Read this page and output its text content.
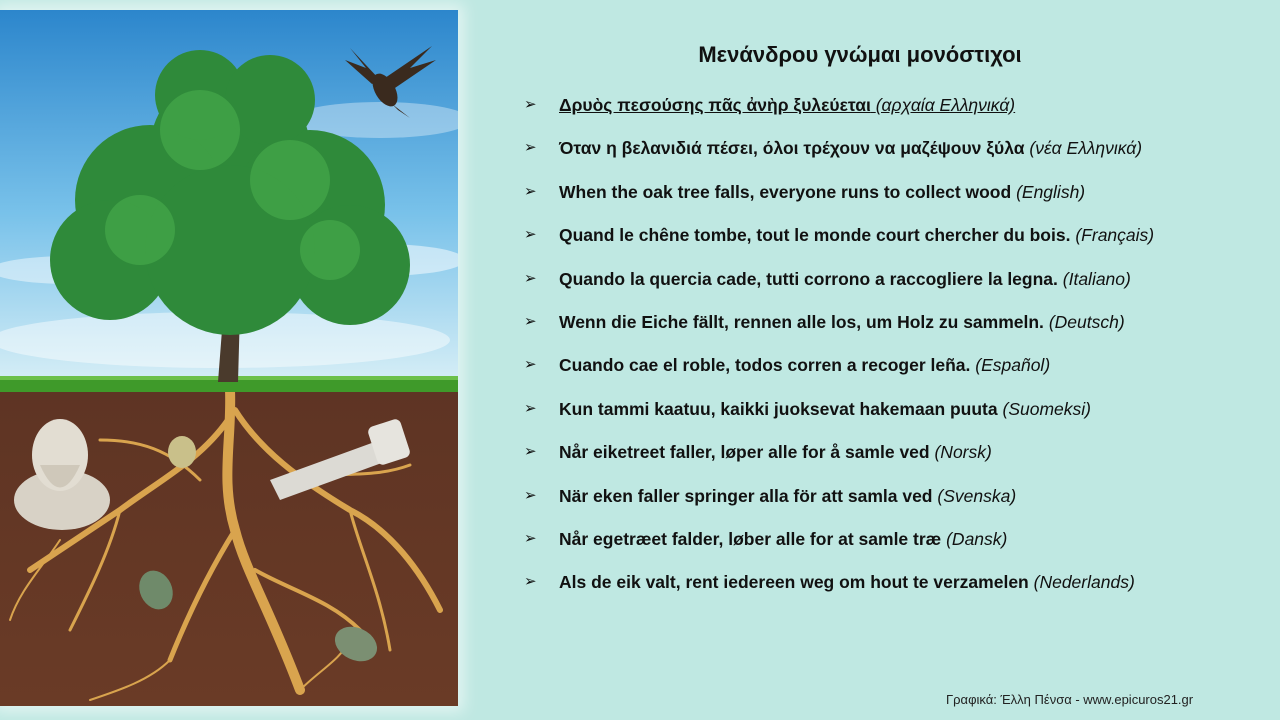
Μενάνδρου γνώμαι μονόστιχοι
➢	Δρυὸς πεσούσης πᾶς ἀνὴρ ξυλεύεται (αρχαία Ελληνικά)
➢	Όταν η βελανιδιά πέσει, όλοι τρέχουν να μαζέψουν ξύλα (νέα Ελληνικά)
➢	When the oak tree falls, everyone runs to collect wood (English)
➢	Quand le chêne tombe, tout le monde court chercher du bois. (Français)
➢	Quando la quercia cade, tutti corrono a raccogliere la legna. (Italiano)
➢	Wenn die Eiche fällt, rennen alle los, um Holz zu sammeln. (Deutsch)
➢	Cuando cae el roble, todos corren a recoger leña. (Español)
➢	Kun tammi kaatuu, kaikki juoksevat hakemaan puuta (Suomeksi)
➢	Når eiketreet faller, løper alle for å samle ved (Norsk)
➢	När eken faller springer alla för att samla ved (Svenska)
➢	Når egetræet falder, løber alle for at samle træ (Dansk)
➢	Als de eik valt, rent iedereen weg om hout te verzamelen (Nederlands)
Γραφικά: Έλλη Πένσα - www.epicuros21.gr
